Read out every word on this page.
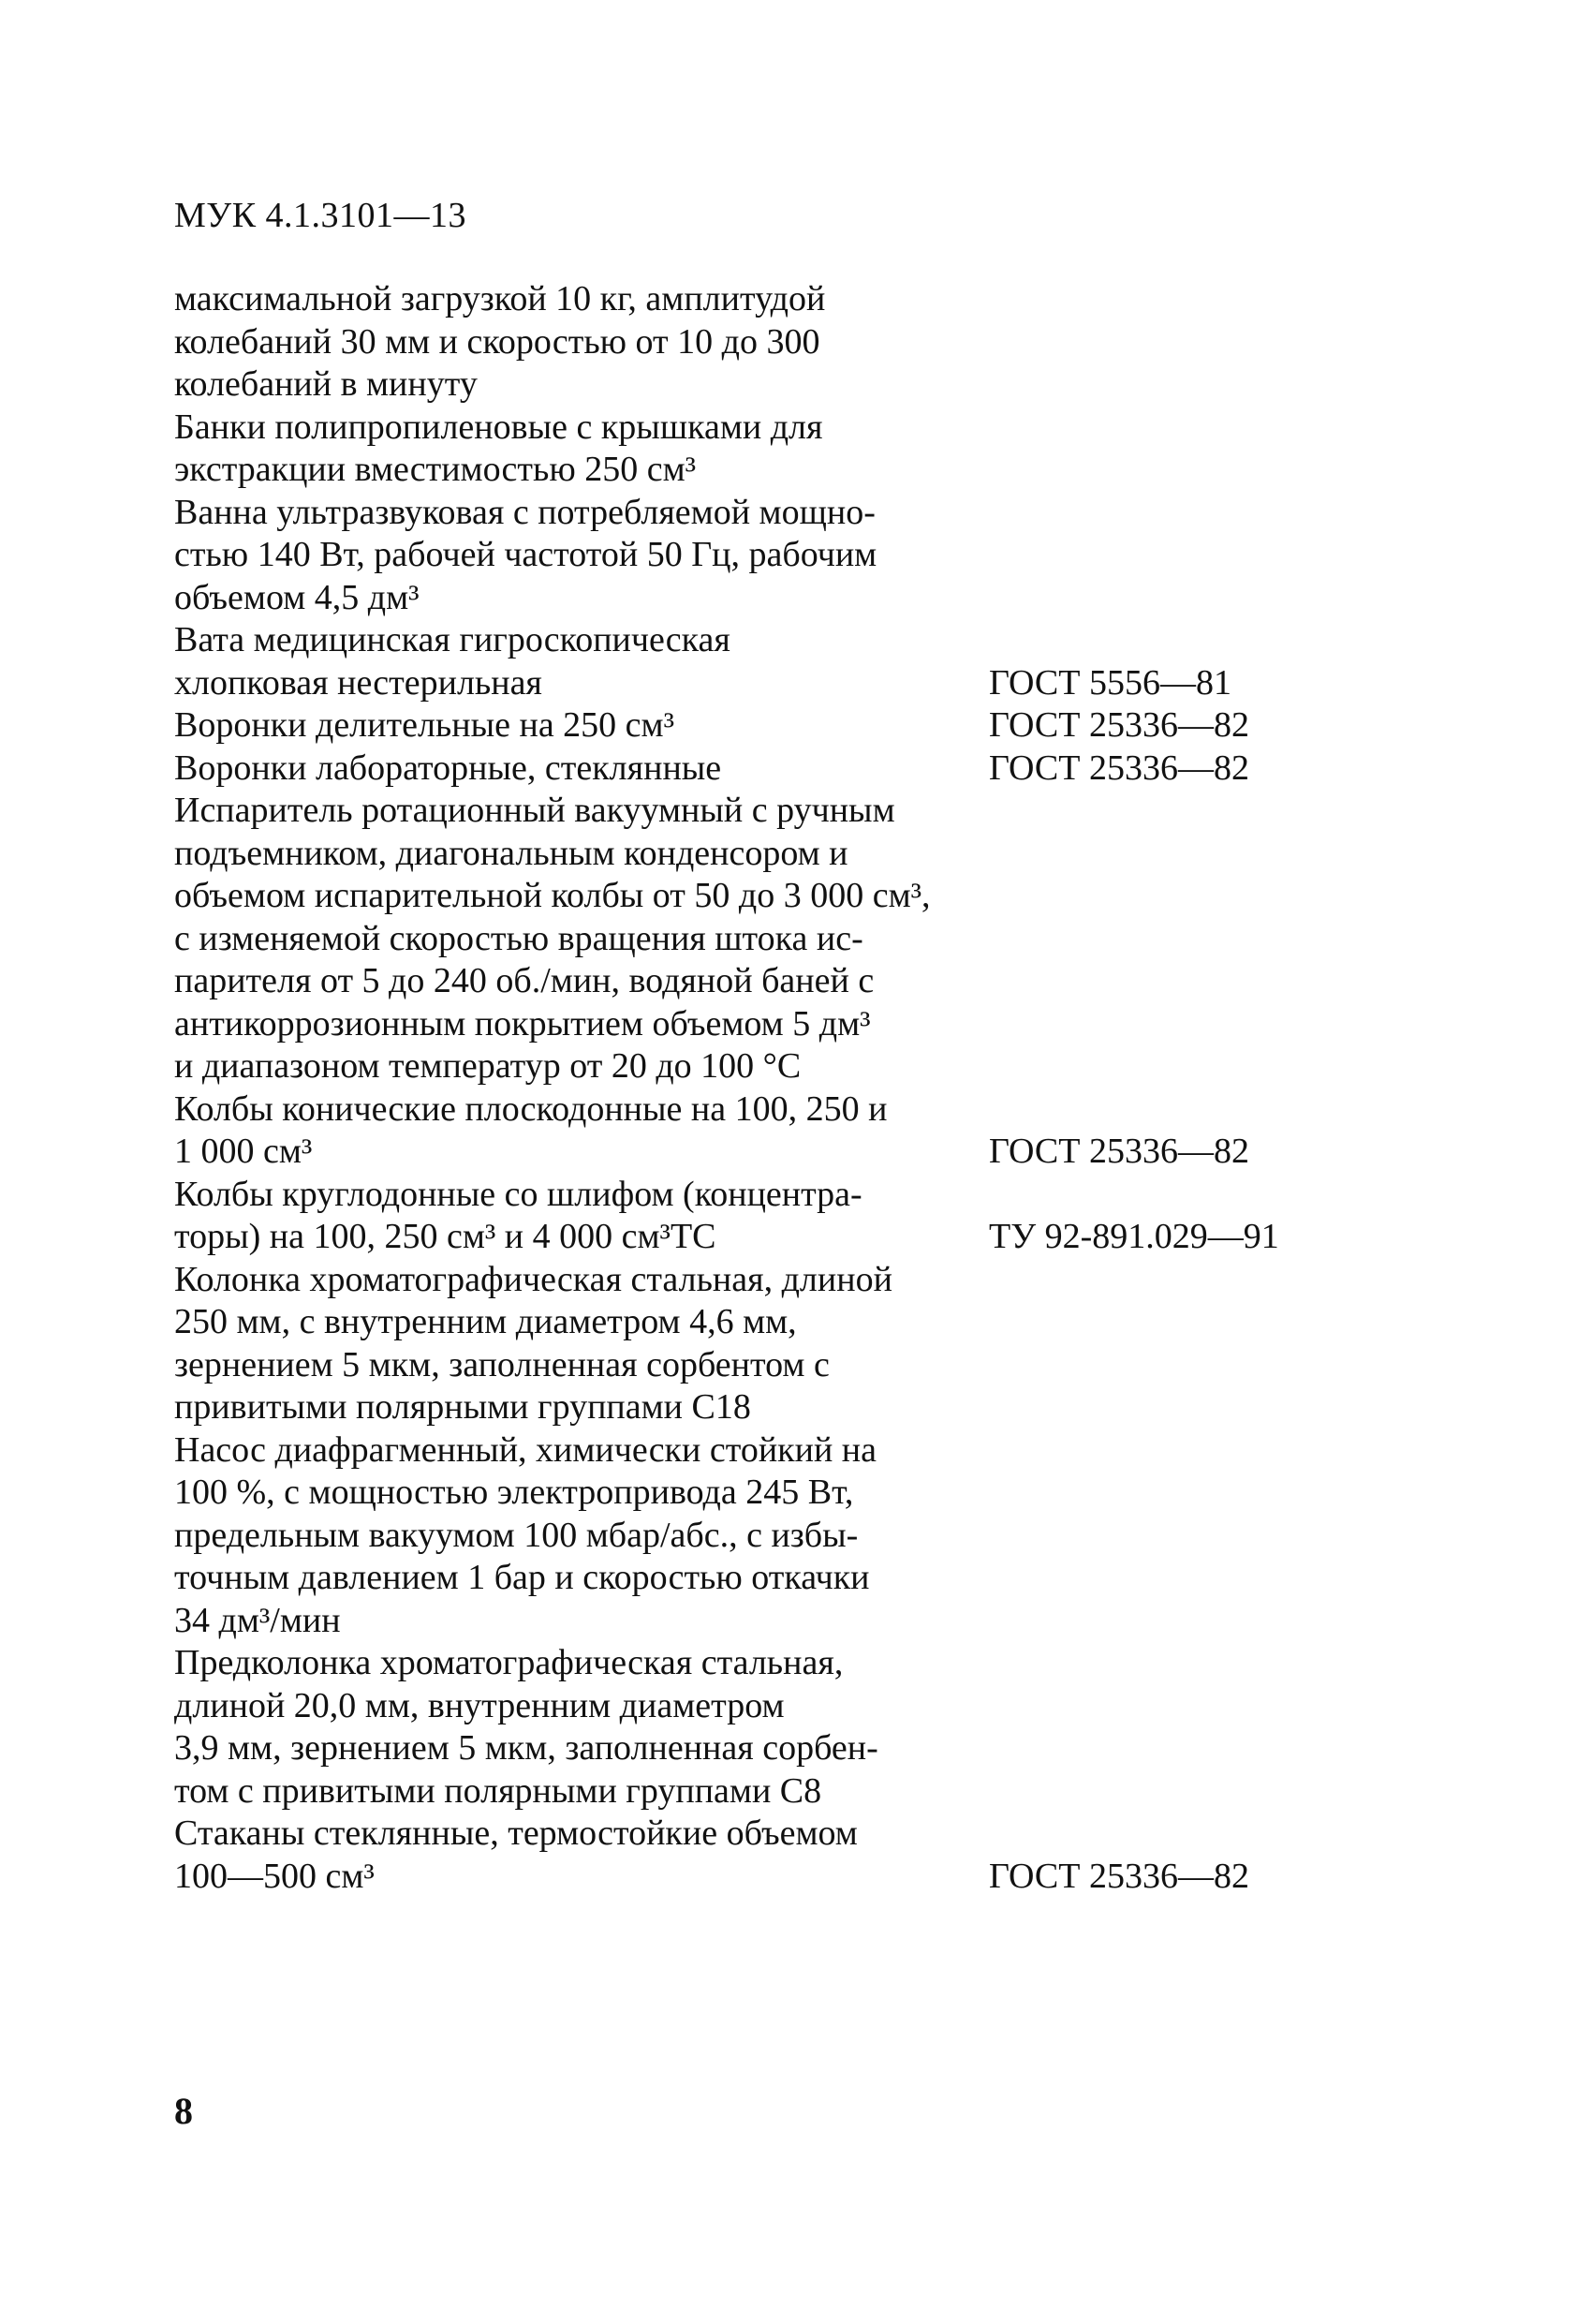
МУК 4.1.3101—13
максимальной загрузкой 10 кг, амплитудой
колебаний 30 мм и скоростью от 10 до 300
колебаний в минуту
Банки полипропиленовые с крышками для
экстракции вместимостью 250 см³
Ванна ультразвуковая с потребляемой мощно-
стью 140 Вт, рабочей частотой 50 Гц, рабочим
объемом 4,5 дм³
Вата медицинская гигроскопическая
хлопковая нестерильная	ГОСТ 5556—81
Воронки делительные на 250 см³	ГОСТ 25336—82
Воронки лабораторные, стеклянные	ГОСТ 25336—82
Испаритель ротационный вакуумный с ручным
подъемником, диагональным конденсором и
объемом испарительной колбы от 50 до 3 000 см³,
с изменяемой скоростью вращения штока ис-
парителя от 5 до 240 об./мин, водяной баней с
антикоррозионным покрытием объемом 5 дм³
и диапазоном температур от 20 до 100 °С
Колбы конические плоскодонные на 100, 250 и
1 000 см³	ГОСТ 25336—82
Колбы круглодонные со шлифом (концентра-
торы) на 100, 250 см³ и 4 000 см³ТС	ТУ 92-891.029—91
Колонка хроматографическая стальная, длиной
250 мм, с внутренним диаметром 4,6 мм,
зернением 5 мкм, заполненная сорбентом с
привитыми полярными группами С18
Насос диафрагменный, химически стойкий на
100 %, с мощностью электропривода 245 Вт,
предельным вакуумом 100 мбар/абс., с избы-
точным давлением 1 бар и скоростью откачки
34 дм³/мин
Предколонка хроматографическая стальная,
длиной 20,0 мм, внутренним диаметром
3,9 мм, зернением 5 мкм, заполненная сорбен-
том с привитыми полярными группами С8
Стаканы стеклянные, термостойкие объемом
100—500 см³	ГОСТ 25336—82
8
